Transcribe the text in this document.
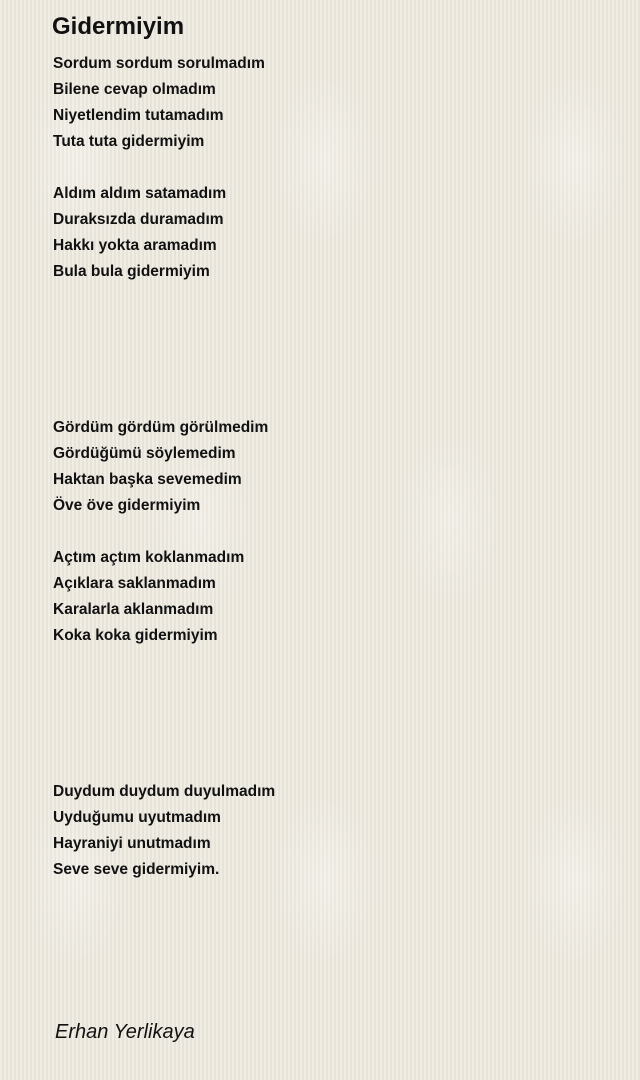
Gidermiyim
Sordum sordum sorulmadım
Bilene cevap olmadım
Niyetlendim tutamadım
Tuta tuta gidermiyim
Aldım aldım satamadım
Duraksızda duramadım
Hakkı yokta aramadım
Bula bula gidermiyim
Gördüm gördüm görülmedim
Gördüğümü söylemedim
Haktan başka sevemedim
Öve öve gidermiyim
Açtım açtım koklanmadım
Açıklara saklanmadım
Karalarla aklanmadım
Koka koka gidermiyim
Duydum duydum duyulmadım
Uyduğumu uyutmadım
Hayraniyi unutmadım
Seve seve gidermiyim.
Erhan Yerlikaya
